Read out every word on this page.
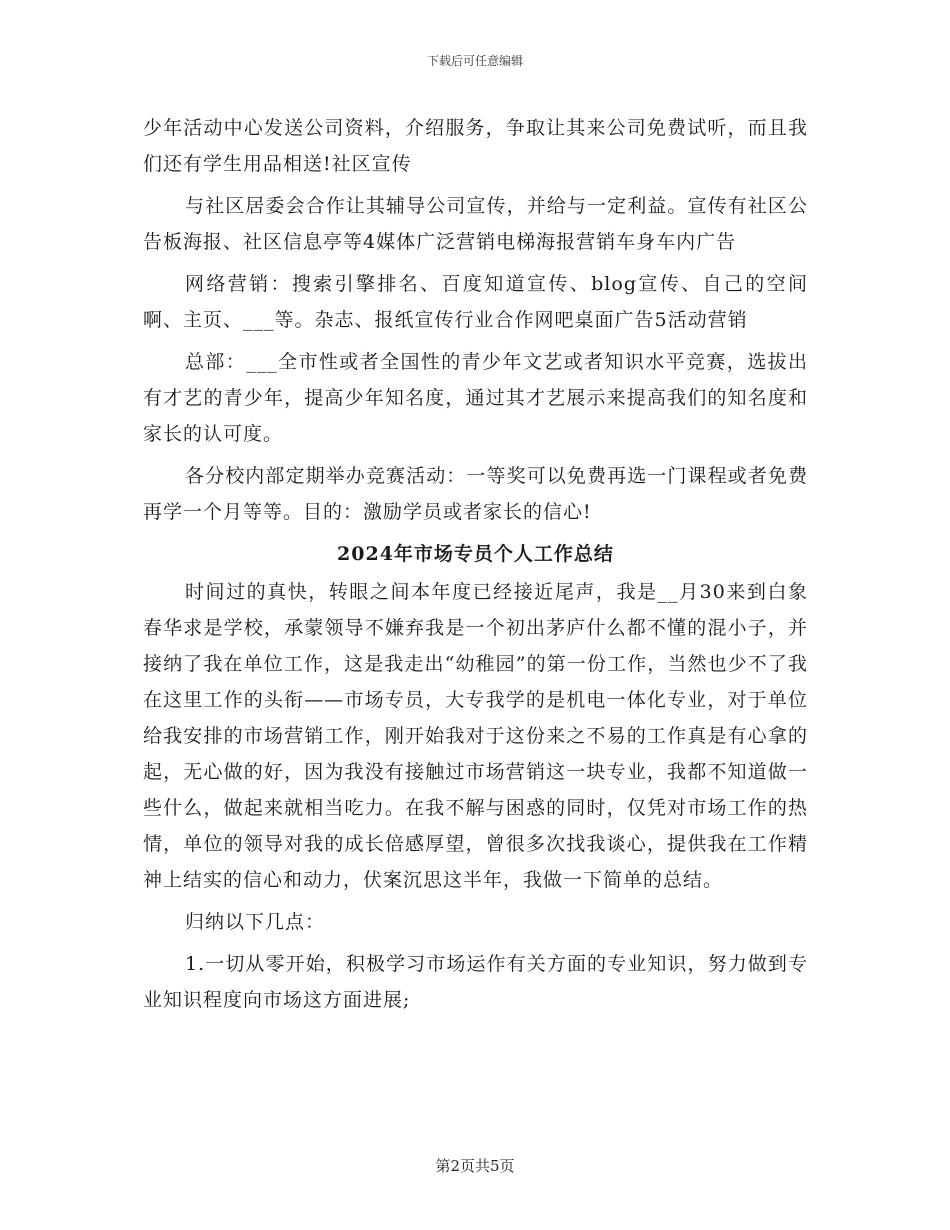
下载后可任意编辑

少年活动中心发送公司资料，介绍服务，争取让其来公司免费试听，而且我们还有学生用品相送!社区宣传

与社区居委会合作让其辅导公司宣传，并给与一定利益。宣传有社区公告板海报、社区信息亭等4媒体广泛营销电梯海报营销车身车内广告

网络营销：搜索引擎排名、百度知道宣传、blog宣传、自己的空间啊、主页、___等。杂志、报纸宣传行业合作网吧桌面广告5活动营销

总部：___全市性或者全国性的青少年文艺或者知识水平竞赛，选拔出有才艺的青少年，提高少年知名度，通过其才艺展示来提高我们的知名度和家长的认可度。

各分校内部定期举办竞赛活动：一等奖可以免费再选一门课程或者免费再学一个月等等。目的：激励学员或者家长的信心!

2024年市场专员个人工作总结

时间过的真快，转眼之间本年度已经接近尾声，我是__月30来到白象春华求是学校，承蒙领导不嫌弃我是一个初出茅庐什么都不懂的混小子，并接纳了我在单位工作，这是我走出“幼稚园”的第一份工作，当然也少不了我在这里工作的头衔——市场专员，大专我学的是机电一体化专业，对于单位给我安排的市场营销工作，刚开始我对于这份来之不易的工作真是有心拿的起，无心做的好，因为我没有接触过市场营销这一块专业，我都不知道做一些什么，做起来就相当吃力。在我不解与困惑的同时，仅凭对市场工作的热情，单位的领导对我的成长倍感厚望，曾很多次找我谈心，提供我在工作精神上结实的信心和动力，伏案沉思这半年，我做一下简单的总结。

归纳以下几点：

1.一切从零开始，积极学习市场运作有关方面的专业知识，努力做到专业知识程度向市场这方面进展;

第2页共5页
